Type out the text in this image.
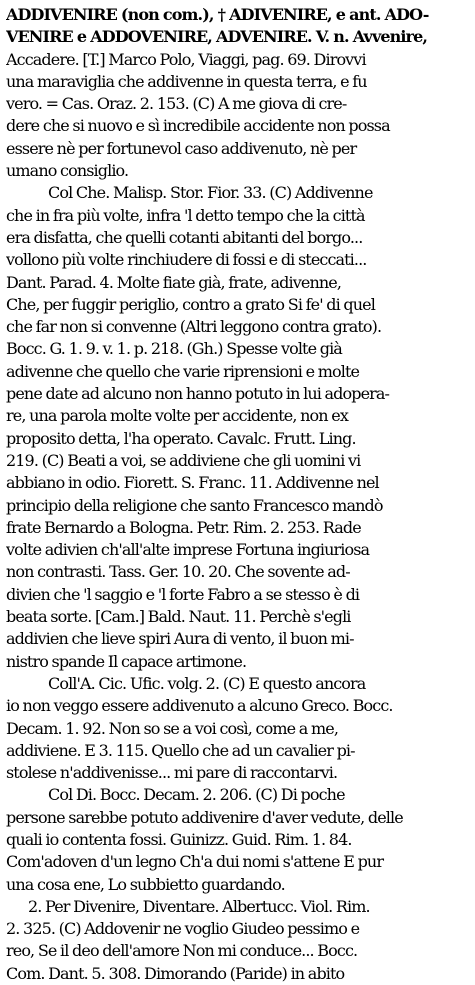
ADDIVENIRE (non com.), † ADIVENIRE, e ant. ADO-
VENIRE e ADDOVENIRE, ADVENIRE. V. n. Avvenire,
Accadere. [T.] Marco Polo, Viaggi, pag. 69. Dirovvi
una maraviglia che addivenne in questa terra, e fu
vero. = Cas. Oraz. 2. 153. (C) A me giova di cre-
dere che si nuovo e sì incredibile accidente non possa
essere nè per fortunevol caso addivenuto, nè per
umano consiglio.
Col Che. Malisp. Stor. Fior. 33. (C) Addivenne
che in fra più volte, infra 'l detto tempo che la città
era disfatta, che quelli cotanti abitanti del borgo...
vollono più volte rinchiudere di fossi e di steccati...
Dant. Parad. 4. Molte fiate già, frate, adivenne,
Che, per fuggir periglio, contro a grato Si fe' di quel
che far non si convenne (Altri leggono contra grato).
Bocc. G. 1. 9. v. 1. p. 218. (Gh.) Spesse volte già
adivenne che quello che varie riprensioni e molte
pene date ad alcuno non hanno potuto in lui adopera-
re, una parola molte volte per accidente, non ex
proposito detta, l'ha operato. Cavalc. Frutt. Ling.
219. (C) Beati a voi, se addiviene che gli uomini vi
abbiano in odio. Fiorett. S. Franc. 11. Addivenne nel
principio della religione che santo Francesco mandò
frate Bernardo a Bologna. Petr. Rim. 2. 253. Rade
volte adivien ch'all'alte imprese Fortuna ingiuriosa
non contrasti. Tass. Ger. 10. 20. Che sovente ad-
divien che 'l saggio e 'l forte Fabro a se stesso è di
beata sorte. [Cam.] Bald. Naut. 11. Perchè s'egli
addivien che lieve spiri Aura di vento, il buon mi-
nistro spande Il capace artimone.
Coll'A. Cic. Ufic. volg. 2. (C) E questo ancora
io non veggo essere addivenuto a alcuno Greco. Bocc.
Decam. 1. 92. Non so se a voi così, come a me,
addiviene. E 3. 115. Quello che ad un cavalier pi-
stolese n'addivenisse... mi pare di raccontarvi.
Col Di. Bocc. Decam. 2. 206. (C) Di poche
persone sarebbe potuto addivenire d'aver vedute, delle
quali io contenta fossi. Guinizz. Guid. Rim. 1. 84.
Com'adoven d'un legno Ch'a dui nomi s'attene E pur
una cosa ene, Lo subbietto guardando.
2. Per Divenire, Diventare. Albertucc. Viol. Rim.
2. 325. (C) Addovenir ne voglio Giudeo pessimo e
reo, Se il deo dell'amore Non mi conduce... Bocc.
Com. Dant. 5. 308. Dimorando (Paride) in abito
